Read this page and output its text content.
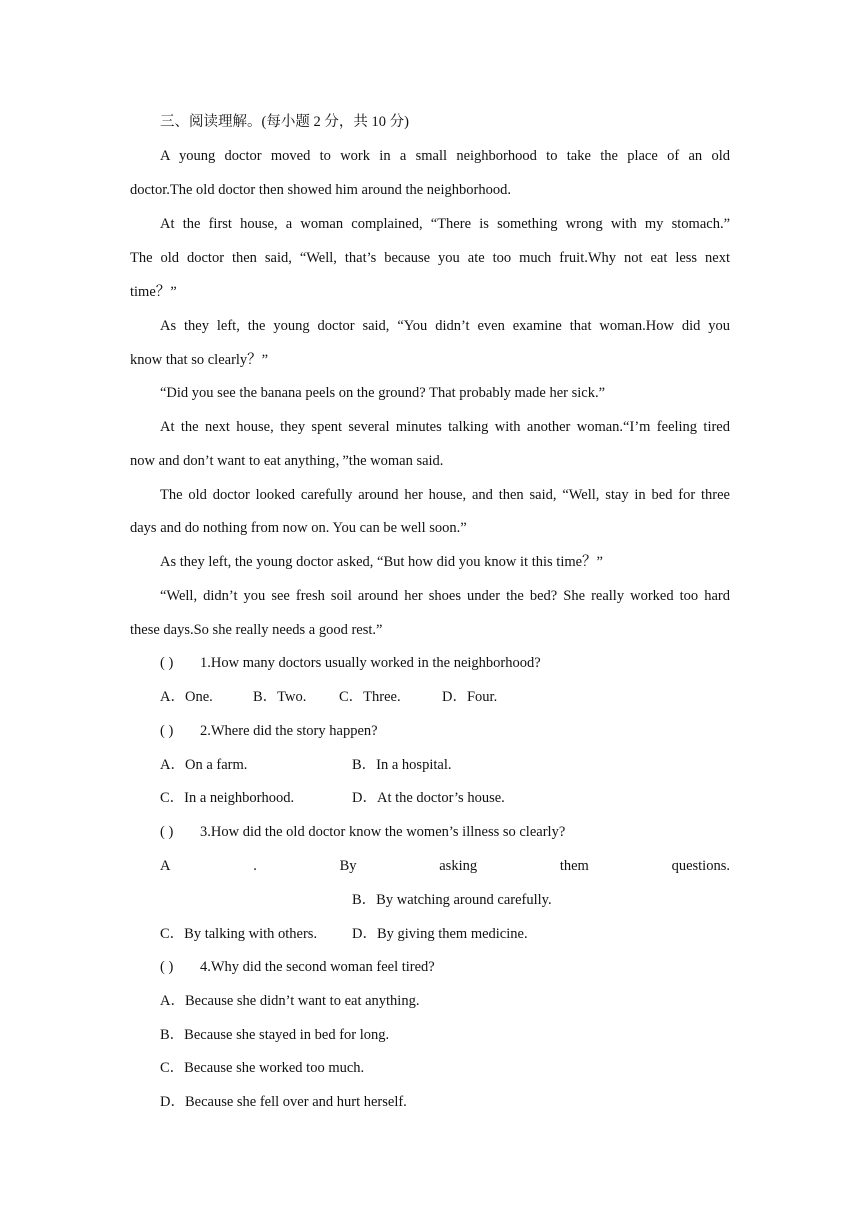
三、阅读理解。(每小题 2 分，共 10 分)
A young doctor moved to work in a small neighborhood to take the place of an old
doctor.The old doctor then showed him around the neighborhood.
At the first house, a woman complained, “There is something wrong with my stomach.”
The old doctor then said, “Well, that’s because you ate too much fruit.Why not eat less next
time？”
As they left, the young doctor said, “You didn’t even examine that woman.How did you
know that so clearly？”
“Did you see the banana peels on the ground? That probably made her sick.”
At the next house, they spent several minutes talking with another woman.“I’m feeling tired
now and don’t want to eat anything，”the woman said.
The old doctor looked carefully around her house, and then said, “Well, stay in bed for three
days and do nothing from now on. You can be well soon.”
As they left, the young doctor asked, “But how did you know it this time？”
“Well, didn’t you see fresh soil around her shoes under the bed? She really worked too hard
these days.So she really needs a good rest.”
( )	1.How many doctors usually worked in the neighborhood?
A．One.	B．Two. C．Three.	D．Four.
( )	2.Where did the story happen?
A．On a farm.	B．In a hospital.
C．In a neighborhood.	D．At the doctor’s house.
( )	3.How did the old doctor know the women’s illness so clearly?
A	.	By	asking	them	questions.
B．By watching around carefully.
C．By talking with others. D．By giving them medicine.
( )	4.Why did the second woman feel tired?
A．Because she didn’t want to eat anything.
B．Because she stayed in bed for long.
C．Because she worked too much.
D．Because she fell over and hurt herself.
